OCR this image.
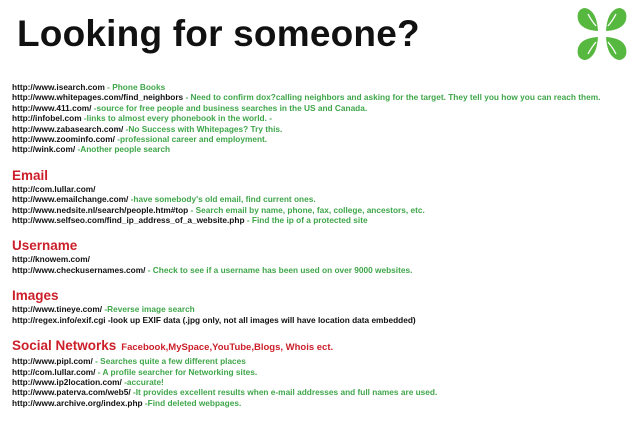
Looking for someone?
http://www.isearch.com - Phone Books
http://www.whitepages.com/find_neighbors - Need to confirm dox?calling neighbors and asking for the target. They tell you how you can reach them.
http://www.411.com/ -source for free people and business searches in the US and Canada.
http://infobel.com -links to almost every phonebook in the world. -
http://www.zabasearch.com/ -No Success with Whitepages? Try this.
http://www.zoominfo.com/ -professional career and employment.
http://wink.com/ -Another people search
Email
http://com.lullar.com/
http://www.emailchange.com/ -have somebody's old email, find current ones.
http://www.nedsite.nl/search/people.htm#top - Search email by name, phone, fax, college, ancestors, etc.
http://www.selfseo.com/find_ip_address_of_a_website.php - Find the ip of a protected site
Username
http://knowem.com/
http://www.checkusernames.com/ - Check to see if a username has been used on over 9000 websites.
Images
http://www.tineye.com/ -Reverse image search
http://regex.info/exif.cgi -look up EXIF data (.jpg only, not all images will have location data embedded)
Social Networks Facebook,MySpace,YouTube,Blogs, Whois ect.
http://www.pipl.com/ - Searches quite a few different places
http://com.lullar.com/ - A profile searcher for Networking sites.
http://www.ip2location.com/ -accurate!
http://www.paterva.com/web5/ -It provides excellent results when e-mail addresses and full names are used.
http://www.archive.org/index.php -Find deleted webpages.
